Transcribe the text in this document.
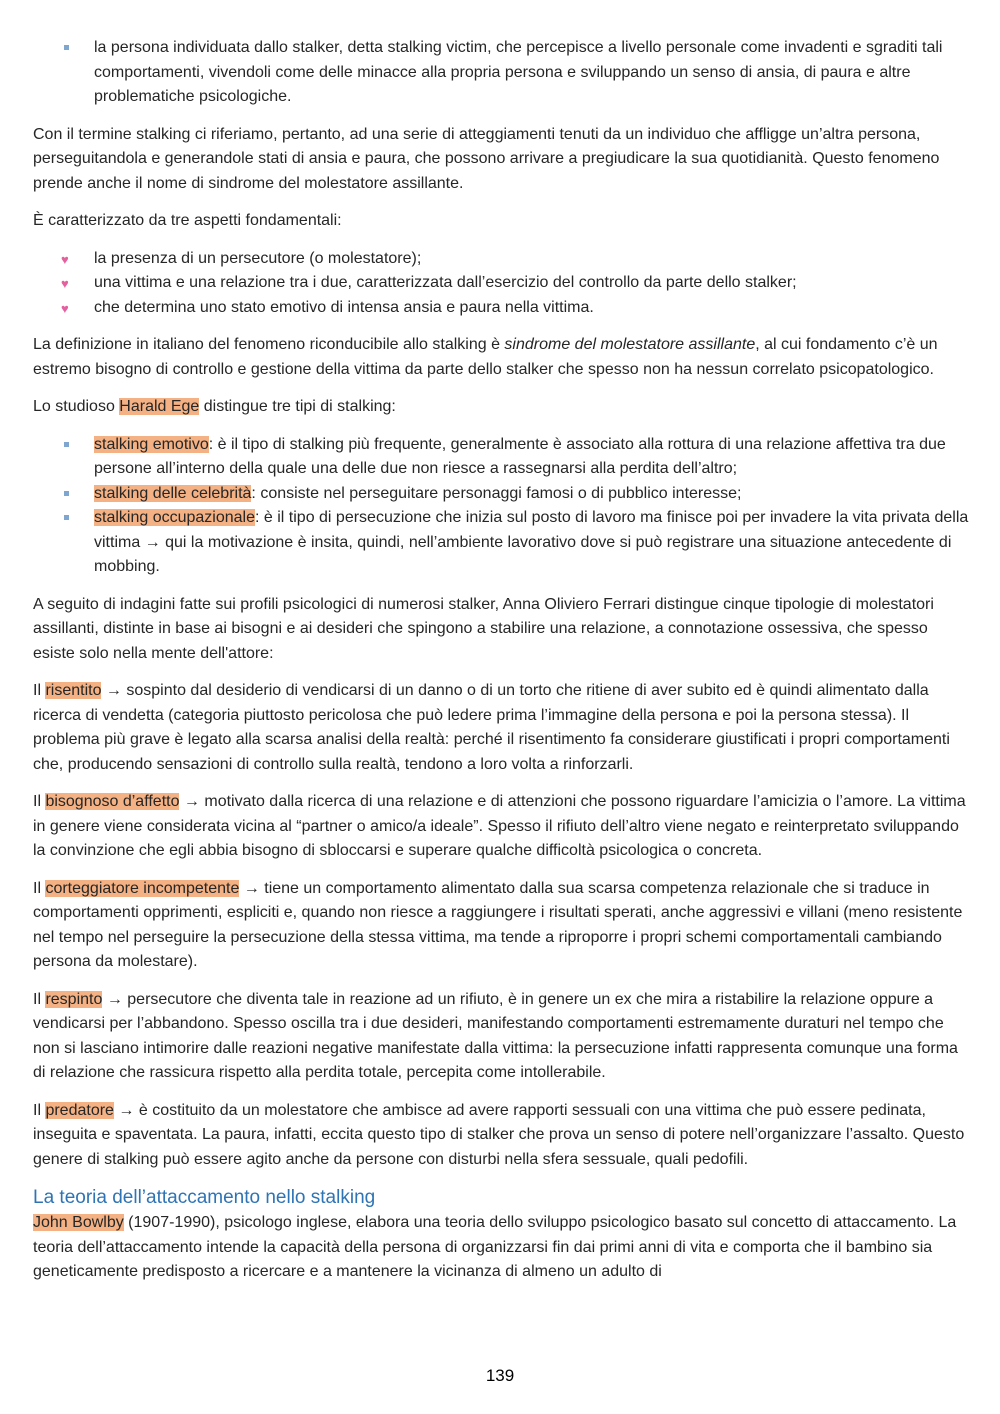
la persona individuata dallo stalker, detta stalking victim, che percepisce a livello personale come invadenti e sgraditi tali comportamenti, vivendoli come delle minacce alla propria persona e sviluppando un senso di ansia, di paura e altre problematiche psicologiche.

Con il termine stalking ci riferiamo, pertanto, ad una serie di atteggiamenti tenuti da un individuo che affligge un’altra persona, perseguitandola e generandole stati di ansia e paura, che possono arrivare a pregiudicare la sua quotidianità. Questo fenomeno prende anche il nome di sindrome del molestatore assillante.

È caratterizzato da tre aspetti fondamentali:

♥ la presenza di un persecutore (o molestatore);
♥ una vittima e una relazione tra i due, caratterizzata dall’esercizio del controllo da parte dello stalker;
♥ che determina uno stato emotivo di intensa ansia e paura nella vittima.

La definizione in italiano del fenomeno riconducibile allo stalking è sindrome del molestatore assillante, al cui fondamento c’è un estremo bisogno di controllo e gestione della vittima da parte dello stalker che spesso non ha nessun correlato psicopatologico.

Lo studioso Harald Ege distingue tre tipi di stalking:

stalking emotivo: è il tipo di stalking più frequente, generalmente è associato alla rottura di una relazione affettiva tra due persone all’interno della quale una delle due non riesce a rassegnarsi alla perdita dell’altro;
stalking delle celebrità: consiste nel perseguitare personaggi famosi o di pubblico interesse;
stalking occupazionale: è il tipo di persecuzione che inizia sul posto di lavoro ma finisce poi per invadere la vita privata della vittima → qui la motivazione è insita, quindi, nell’ambiente lavorativo dove si può registrare una situazione antecedente di mobbing.

A seguito di indagini fatte sui profili psicologici di numerosi stalker, Anna Oliviero Ferrari distingue cinque tipologie di molestatori assillanti, distinte in base ai bisogni e ai desideri che spingono a stabilire una relazione, a connotazione ossessiva, che spesso esiste solo nella mente dell'attore:

Il risentito → sospinto dal desiderio di vendicarsi di un danno o di un torto che ritiene di aver subito ed è quindi alimentato dalla ricerca di vendetta (categoria piuttosto pericolosa che può ledere prima l’immagine della persona e poi la persona stessa). Il problema più grave è legato alla scarsa analisi della realtà: perché il risentimento fa considerare giustificati i propri comportamenti che, producendo sensazioni di controllo sulla realtà, tendono a loro volta a rinforzarli.

Il bisognoso d’affetto → motivato dalla ricerca di una relazione e di attenzioni che possono riguardare l’amicizia o l’amore. La vittima in genere viene considerata vicina al “partner o amico/a ideale”. Spesso il rifiuto dell’altro viene negato e reinterpretato sviluppando la convinzione che egli abbia bisogno di sbloccarsi e superare qualche difficoltà psicologica o concreta.

Il corteggiatore incompetente → tiene un comportamento alimentato dalla sua scarsa competenza relazionale che si traduce in comportamenti opprimenti, espliciti e, quando non riesce a raggiungere i risultati sperati, anche aggressivi e villani (meno resistente nel tempo nel perseguire la persecuzione della stessa vittima, ma tende a riproporre i propri schemi comportamentali cambiando persona da molestare).

Il respinto → persecutore che diventa tale in reazione ad un rifiuto, è in genere un ex che mira a ristabilire la relazione oppure a vendicarsi per l’abbandono. Spesso oscilla tra i due desideri, manifestando comportamenti estremamente duraturi nel tempo che non si lasciano intimorire dalle reazioni negative manifestate dalla vittima: la persecuzione infatti rappresenta comunque una forma di relazione che rassicura rispetto alla perdita totale, percepita come intollerabile.

Il predatore → è costituito da un molestatore che ambisce ad avere rapporti sessuali con una vittima che può essere pedinata, inseguita e spaventata. La paura, infatti, eccita questo tipo di stalker che prova un senso di potere nell’organizzare l’assalto. Questo genere di stalking può essere agito anche da persone con disturbi nella sfera sessuale, quali pedofili.

La teoria dell’attaccamento nello stalking

John Bowlby (1907-1990), psicologo inglese, elabora una teoria dello sviluppo psicologico basato sul concetto di attaccamento. La teoria dell’attaccamento intende la capacità della persona di organizzarsi fin dai primi anni di vita e comporta che il bambino sia geneticamente predisposto a ricercare e a mantenere la vicinanza di almeno un adulto di

139
